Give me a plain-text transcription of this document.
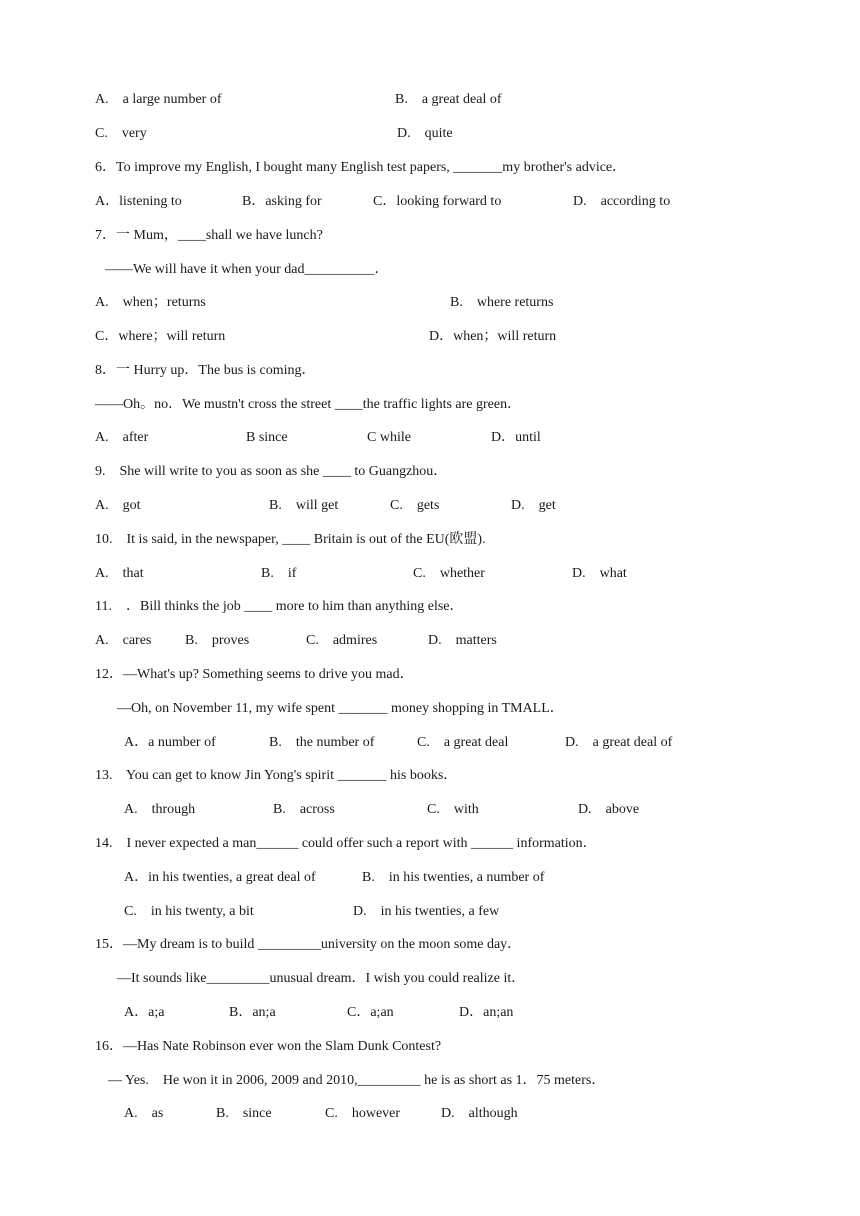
A.    a large number of	B.    a great deal of
C.    very	D.    quite
6．To improve my English, I bought many English test papers, _______my brother's advice．
A．listening to	B．asking for	C．looking forward to	D.    according to
7．一 Mum，____shall we have lunch?
——We will have it when your dad__________．
A.    when；returns	B.    where returns
C．where；will return	D．when；will return
8．一 Hurry up．The bus is coming．
——Oh。no．We mustn't cross the street ____the traffic lights are green．
A.    after	B since	C while	D．until
9.    She will write to you as soon as she ____ to Guangzhou．
A.    got	B.    will get	C.    gets	D.    get
10.    It is said, in the newspaper, ____ Britain is out of the EU(欧盟).
A.    that	B.    if	C.    whether	D.    what
11.    ．Bill thinks the job ____ more to him than anything else．
A.    cares B.    proves	C.    admires	D.    matters
12．—What's up? Something seems to drive you mad．
—Oh, on November 11, my wife spent _______ money shopping in TMALL．
A．a number of	B.    the number of	C.    a great deal	D.    a great deal of
13.    You can get to know Jin Yong's spirit _______ his books．
A.    through	B.    across	C.    with	D.    above
14.    I never expected a man______ could offer such a report with ______ information．
A．in his twenties, a great deal of	B.    in his twenties, a number of
C.    in his twenty, a bit	D.    in his twenties, a few
15．—My dream is to build _________university on the moon some day．
—It sounds like_________unusual dream．I wish you could realize it．
A．a;a	B．an;a	C．a;an	D．an;an
16．—Has Nate Robinson ever won the Slam Dunk Contest?
— Yes.    He won it in 2006, 2009 and 2010,_________ he is as short as 1．75 meters．
A.    as	B.    since	C.    however	D.    although
